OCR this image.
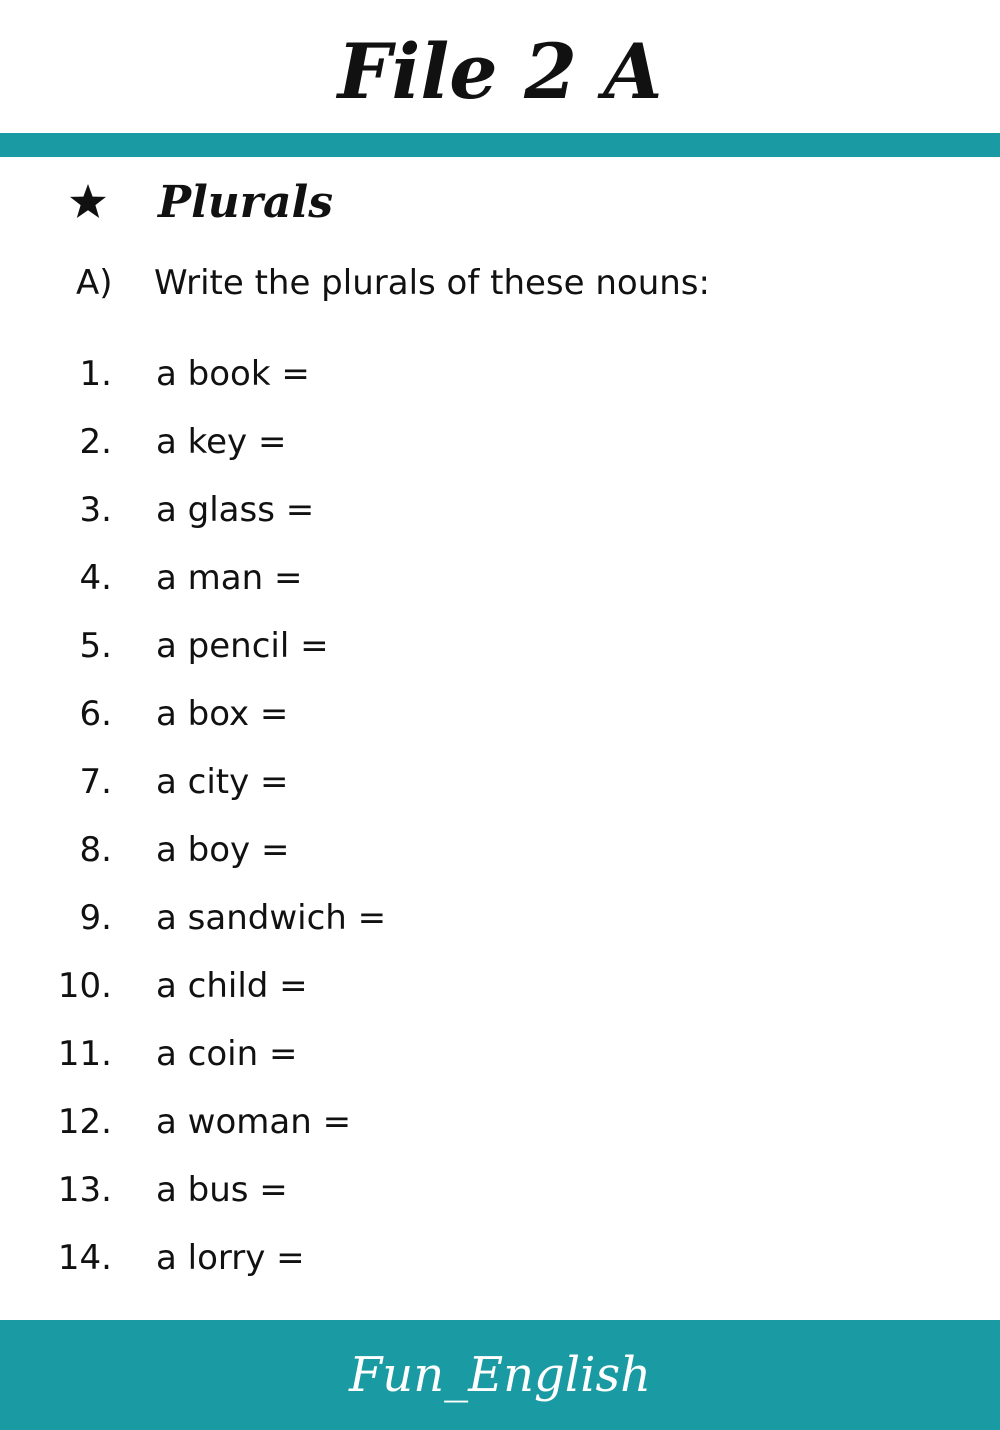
File 2 A
Plurals
A)	Write the plurals of these nouns:
1. a book =
2. a key =
3. a glass =
4. a man =
5. a pencil =
6. a box =
7. a city =
8. a boy =
9. a sandwich =
10. a child =
11. a coin =
12. a woman =
13. a bus =
14. a lorry =
Fun_English
